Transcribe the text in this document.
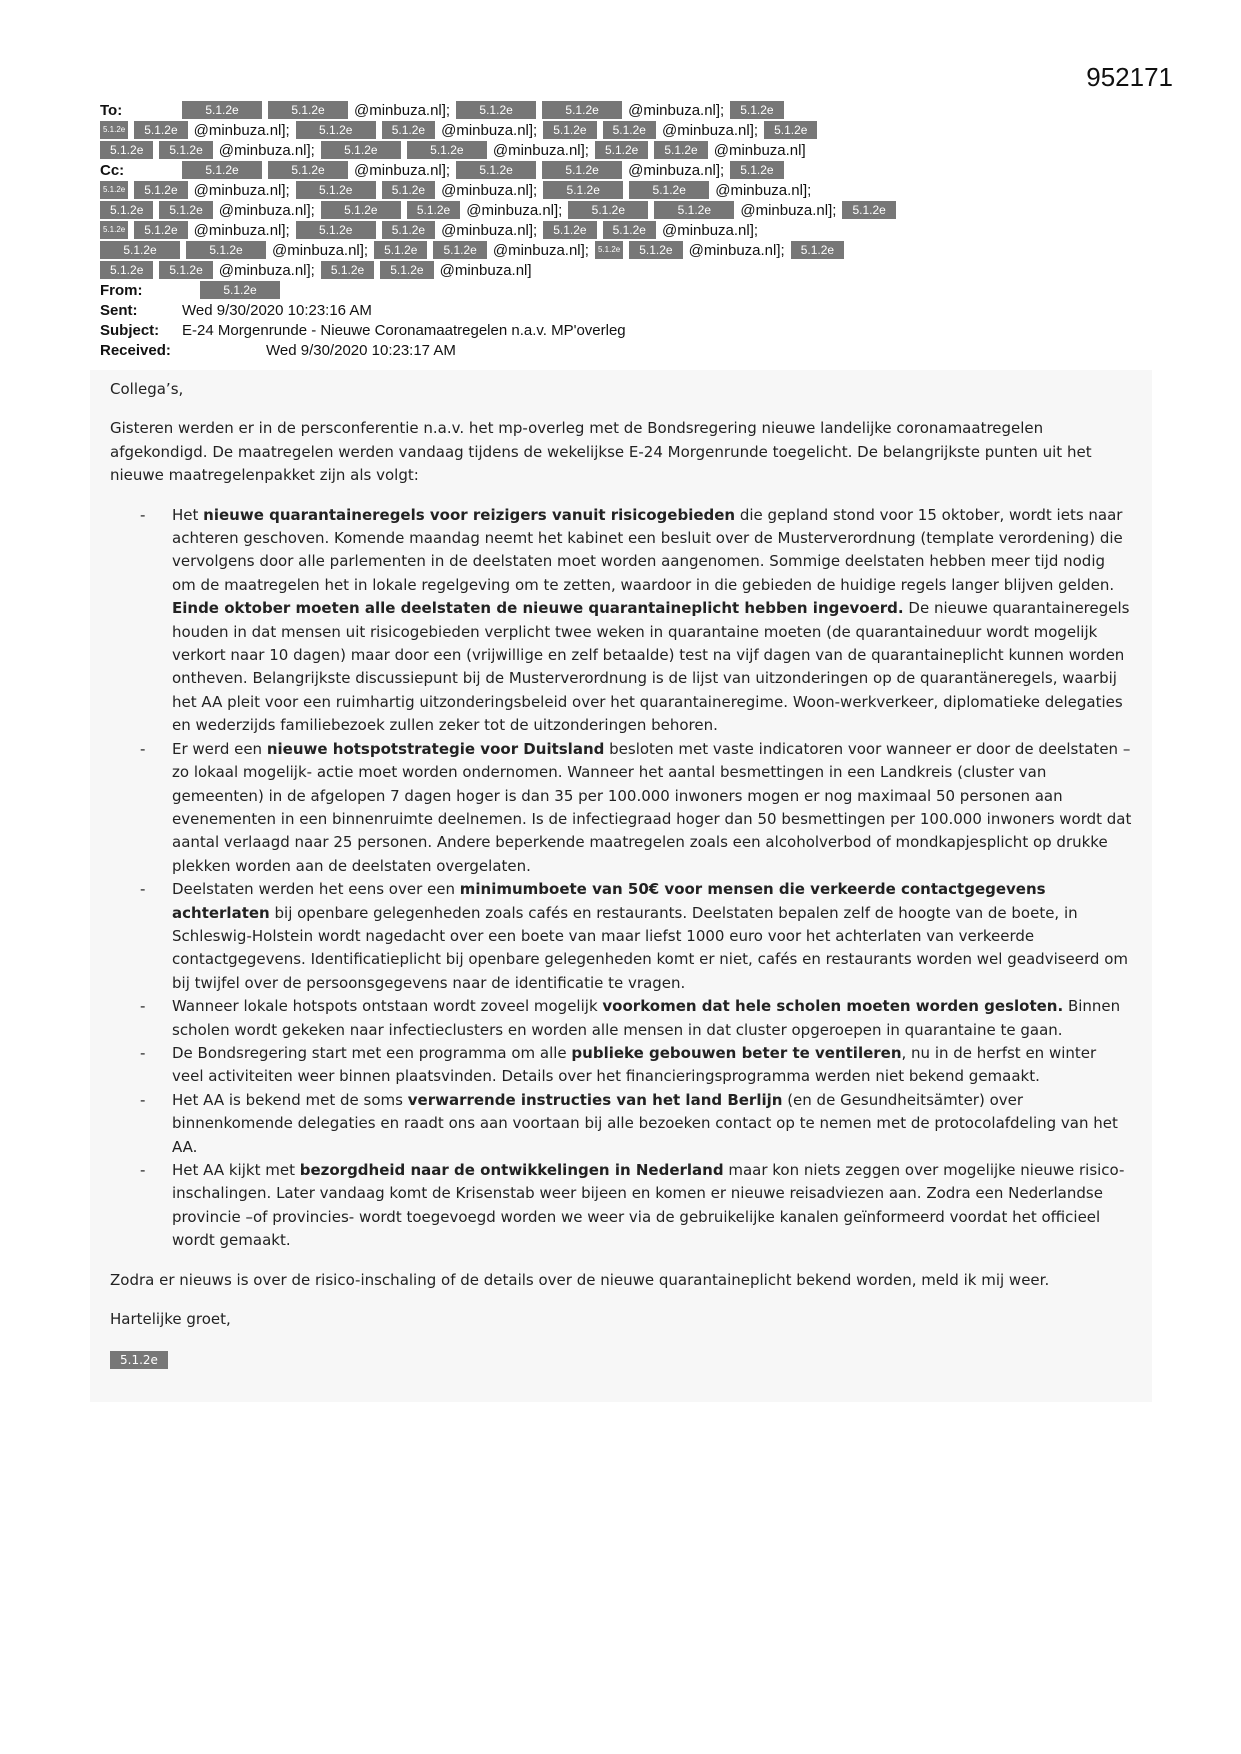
952171
To:	5.1.2e	5.1.2e	@minbuza.nl];	5.1.2e	5.1.2e	@minbuza.nl];	5.1.2e
5.1.2e	5.1.2e	@minbuza.nl];	5.1.2e	5.1.2e	@minbuza.nl];	5.1.2e	5.1.2e	@minbuza.nl];	5.1.2e
5.1.2e	5.1.2e	@minbuza.nl];	5.1.2e	5.1.2e	@minbuza.nl];	5.1.2e	5.1.2e	@minbuza.nl]
Cc:	5.1.2e	5.1.2e	@minbuza.nl];	5.1.2e	5.1.2e	@minbuza.nl];	5.1.2e
5.1.2e	5.1.2e	@minbuza.nl];	5.1.2e	5.1.2e	@minbuza.nl];	5.1.2e	5.1.2e	@minbuza.nl];
5.1.2e	5.1.2e	@minbuza.nl];	5.1.2e	5.1.2e	@minbuza.nl];	5.1.2e	5.1.2e	@minbuza.nl];	5.1.2e
5.1.2e	5.1.2e	@minbuza.nl];	5.1.2e	5.1.2e	@minbuza.nl];	5.1.2e	5.1.2e	@minbuza.nl];
5.1.2e	5.1.2e	@minbuza.nl];	5.1.2e	5.1.2e	@minbuza.nl];	5.1.2e	5.1.2e	@minbuza.nl];	5.1.2e
5.1.2e	5.1.2e	@minbuza.nl];	5.1.2e	5.1.2e	@minbuza.nl]
From:	5.1.2e
Sent:	Wed 9/30/2020 10:23:16 AM
Subject:	E-24 Morgenrunde - Nieuwe Coronamaatregelen n.a.v. MP'overleg
Received:	Wed 9/30/2020 10:23:17 AM

Collega’s,

Gisteren werden er in de persconferentie n.a.v. het mp-overleg met de Bondsregering nieuwe landelijke coronamaatregelen afgekondigd. De maatregelen werden vandaag tijdens de wekelijkse E-24 Morgenrunde toegelicht. De belangrijkste punten uit het nieuwe maatregelenpakket zijn als volgt:

- Het nieuwe quarantaineregels voor reizigers vanuit risicogebieden die gepland stond voor 15 oktober, wordt iets naar achteren geschoven. Komende maandag neemt het kabinet een besluit over de Musterverordnung (template verordening) die vervolgens door alle parlementen in de deelstaten moet worden aangenomen. Sommige deelstaten hebben meer tijd nodig om de maatregelen het in lokale regelgeving om te zetten, waardoor in die gebieden de huidige regels langer blijven gelden. Einde oktober moeten alle deelstaten de nieuwe quarantaineplicht hebben ingevoerd. De nieuwe quarantaineregels houden in dat mensen uit risicogebieden verplicht twee weken in quarantaine moeten (de quarantaineduur wordt mogelijk verkort naar 10 dagen) maar door een (vrijwillige en zelf betaalde) test na vijf dagen van de quarantaineplicht kunnen worden ontheven. Belangrijkste discussiepunt bij de Musterverordnung is de lijst van uitzonderingen op de quarantäneregels, waarbij het AA pleit voor een ruimhartig uitzonderingsbeleid over het quarantaineregime. Woon-werkverkeer, diplomatieke delegaties en wederzijds familiebezoek zullen zeker tot de uitzonderingen behoren.
- Er werd een nieuwe hotspotstrategie voor Duitsland besloten met vaste indicatoren voor wanneer er door de deelstaten –zo lokaal mogelijk- actie moet worden ondernomen. Wanneer het aantal besmettingen in een Landkreis (cluster van gemeenten) in de afgelopen 7 dagen hoger is dan 35 per 100.000 inwoners mogen er nog maximaal 50 personen aan evenementen in een binnenruimte deelnemen. Is de infectiegraad hoger dan 50 besmettingen per 100.000 inwoners wordt dat aantal verlaagd naar 25 personen. Andere beperkende maatregelen zoals een alcoholverbod of mondkapjesplicht op drukke plekken worden aan de deelstaten overgelaten.
- Deelstaten werden het eens over een minimumboete van 50€ voor mensen die verkeerde contactgegevens achterlaten bij openbare gelegenheden zoals cafés en restaurants. Deelstaten bepalen zelf de hoogte van de boete, in Schleswig-Holstein wordt nagedacht over een boete van maar liefst 1000 euro voor het achterlaten van verkeerde contactgegevens. Identificatieplicht bij openbare gelegenheden komt er niet, cafés en restaurants worden wel geadviseerd om bij twijfel over de persoonsgegevens naar de identificatie te vragen.
- Wanneer lokale hotspots ontstaan wordt zoveel mogelijk voorkomen dat hele scholen moeten worden gesloten. Binnen scholen wordt gekeken naar infectieclusters en worden alle mensen in dat cluster opgeroepen in quarantaine te gaan.
- De Bondsregering start met een programma om alle publieke gebouwen beter te ventileren, nu in de herfst en winter veel activiteiten weer binnen plaatsvinden. Details over het financieringsprogramma werden niet bekend gemaakt.
- Het AA is bekend met de soms verwarrende instructies van het land Berlijn (en de Gesundheitsämter) over binnenkomende delegaties en raadt ons aan voortaan bij alle bezoeken contact op te nemen met de protocolafdeling van het AA.
- Het AA kijkt met bezorgdheid naar de ontwikkelingen in Nederland maar kon niets zeggen over mogelijke nieuwe risico-inschalingen. Later vandaag komt de Krisenstab weer bijeen en komen er nieuwe reisadviezen aan. Zodra een Nederlandse provincie –of provincies- wordt toegevoegd worden we weer via de gebruikelijke kanalen geïnformeerd voordat het officieel wordt gemaakt.

Zodra er nieuws is over de risico-inschaling of de details over de nieuwe quarantaineplicht bekend worden, meld ik mij weer.

Hartelijke groet,

5.1.2e
